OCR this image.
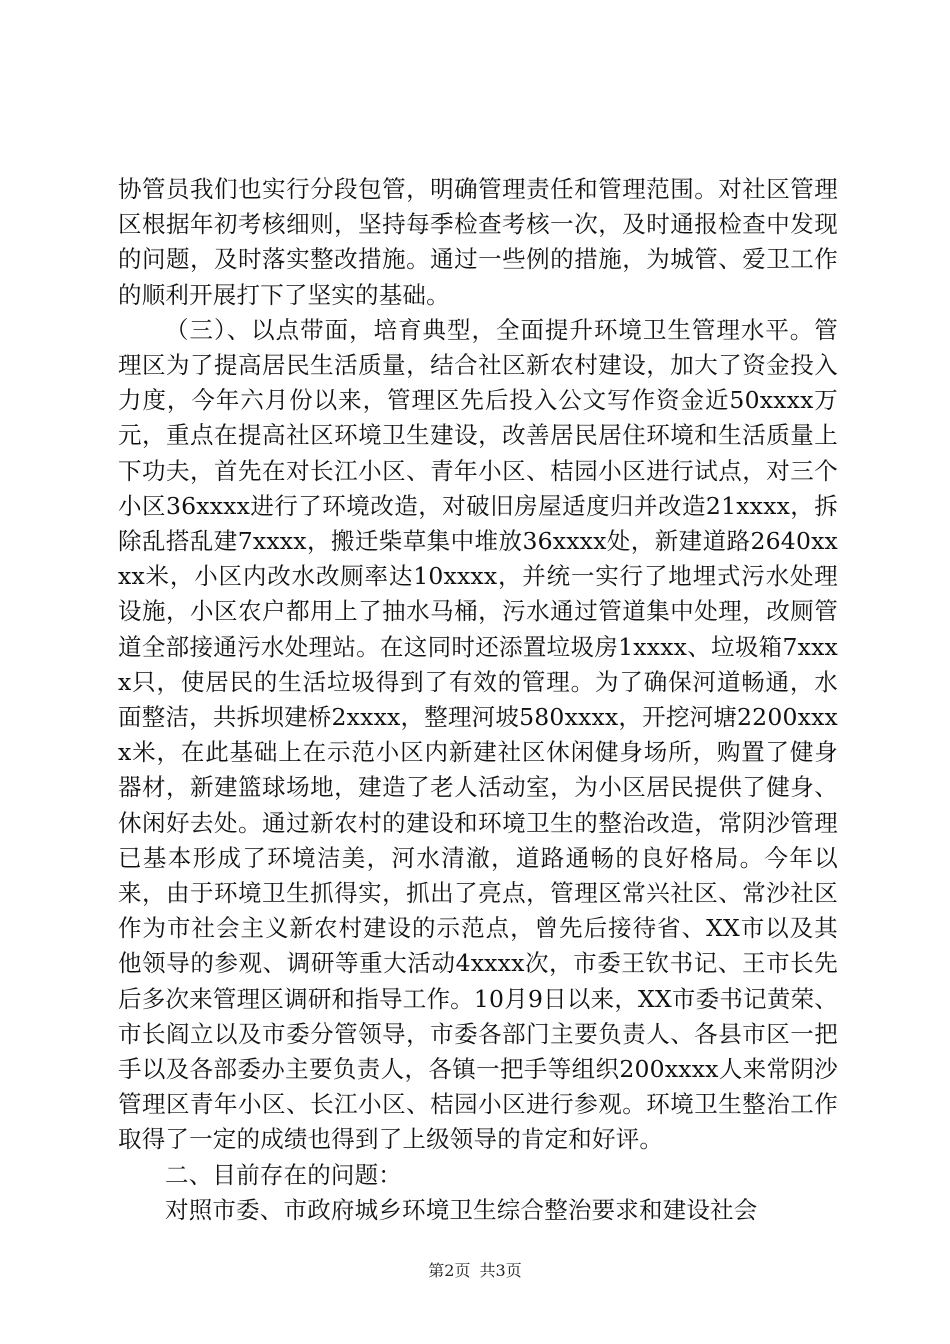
协管员我们也实行分段包管，明确管理责任和管理范围。对社区管理区根据年初考核细则，坚持每季检查考核一次，及时通报检查中发现的问题，及时落实整改措施。通过一些例的措施，为城管、爱卫工作的顺利开展打下了坚实的基础。

（三）、以点带面，培育典型，全面提升环境卫生管理水平。管理区为了提高居民生活质量，结合社区新农村建设，加大了资金投入力度，今年六月份以来，管理区先后投入公文写作资金近50xxxx万元，重点在提高社区环境卫生建设，改善居民居住环境和生活质量上下功夫，首先在对长江小区、青年小区、桔园小区进行试点，对三个小区36xxxx进行了环境改造，对破旧房屋适度归并改造21xxxx，拆除乱搭乱建7xxxx，搬迁柴草集中堆放36xxxx处，新建道路2640xxxx米，小区内改水改厕率达10xxxx，并统一实行了地埋式污水处理设施，小区农户都用上了抽水马桶，污水通过管道集中处理，改厕管道全部接通污水处理站。在这同时还添置垃圾房1xxxx、垃圾箱7xxxx只，使居民的生活垃圾得到了有效的管理。为了确保河道畅通，水面整洁，共拆坝建桥2xxxx，整理河坡580xxxx，开挖河塘2200xxxx米，在此基础上在示范小区内新建社区休闲健身场所，购置了健身器材，新建篮球场地，建造了老人活动室，为小区居民提供了健身、休闲好去处。通过新农村的建设和环境卫生的整治改造，常阴沙管理已基本形成了环境洁美，河水清澈，道路通畅的良好格局。今年以来，由于环境卫生抓得实，抓出了亮点，管理区常兴社区、常沙社区作为市社会主义新农村建设的示范点，曾先后接待省、XX市以及其他领导的参观、调研等重大活动4xxxx次，市委王钦书记、王市长先后多次来管理区调研和指导工作。10月9日以来，XX市委书记黄荣、市长阎立以及市委分管领导，市委各部门主要负责人、各县市区一把手以及各部委办主要负责人，各镇一把手等组织200xxxx人来常阴沙管理区青年小区、长江小区、桔园小区进行参观。环境卫生整治工作取得了一定的成绩也得到了上级领导的肯定和好评。

二、目前存在的问题：

对照市委、市政府城乡环境卫生综合整治要求和建设社会

第2页 共3页
